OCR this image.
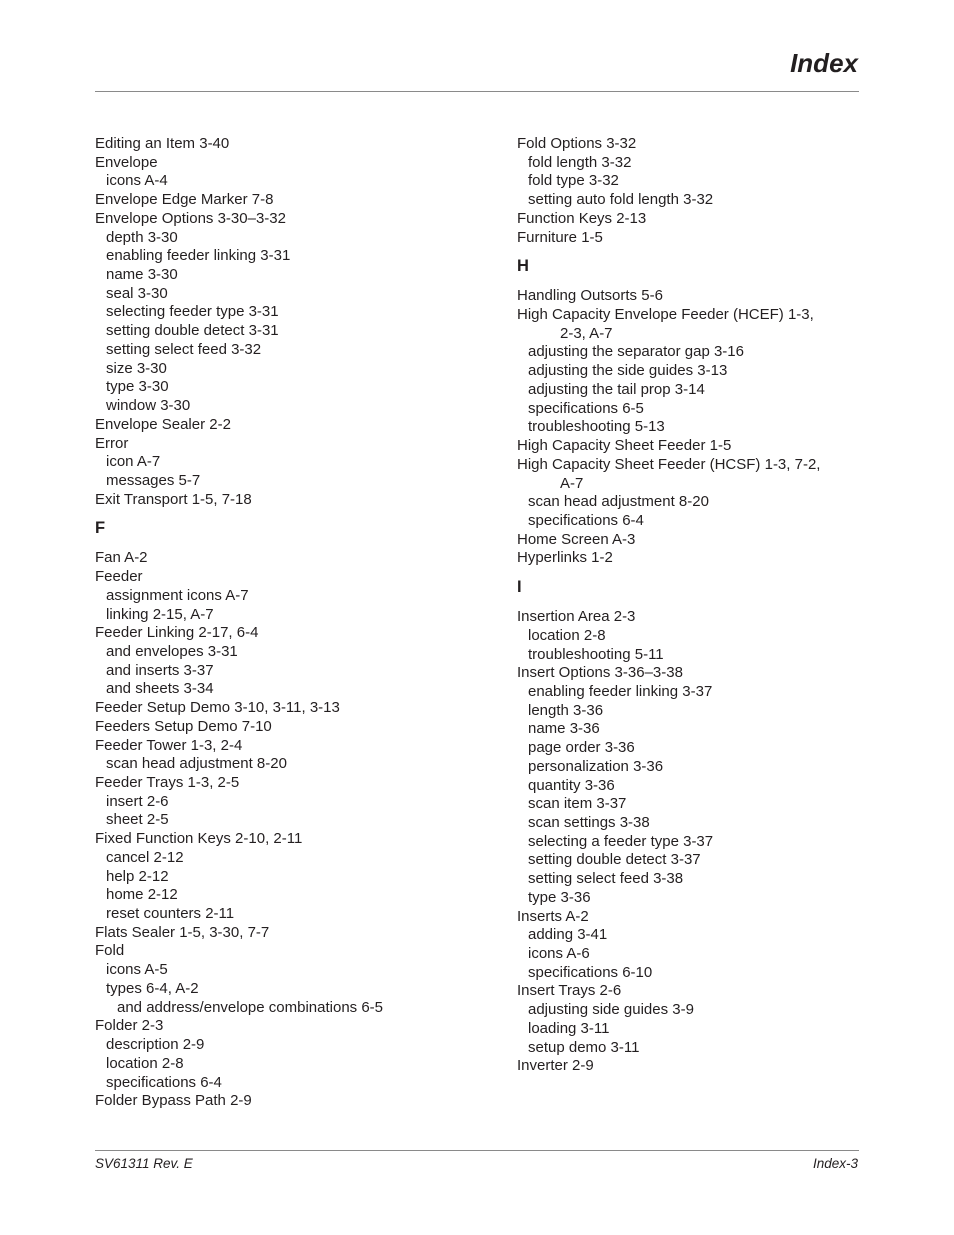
Index
Editing an Item 3-40
Envelope
icons A-4
Envelope Edge Marker 7-8
Envelope Options 3-30–3-32
depth 3-30
enabling feeder linking 3-31
name 3-30
seal 3-30
selecting feeder type 3-31
setting double detect 3-31
setting select feed 3-32
size 3-30
type 3-30
window 3-30
Envelope Sealer 2-2
Error
icon A-7
messages 5-7
Exit Transport 1-5, 7-18
F
Fan A-2
Feeder
assignment icons A-7
linking 2-15, A-7
Feeder Linking 2-17, 6-4
and envelopes 3-31
and inserts 3-37
and sheets 3-34
Feeder Setup Demo 3-10, 3-11, 3-13
Feeders Setup Demo 7-10
Feeder Tower 1-3, 2-4
scan head adjustment 8-20
Feeder Trays 1-3, 2-5
insert 2-6
sheet 2-5
Fixed Function Keys 2-10, 2-11
cancel 2-12
help 2-12
home 2-12
reset counters 2-11
Flats Sealer 1-5, 3-30, 7-7
Fold
icons A-5
types 6-4, A-2
and address/envelope combinations 6-5
Folder 2-3
description 2-9
location 2-8
specifications 6-4
Folder Bypass Path 2-9
Fold Options 3-32
fold length 3-32
fold type 3-32
setting auto fold length 3-32
Function Keys 2-13
Furniture 1-5
H
Handling Outsorts 5-6
High Capacity Envelope Feeder (HCEF) 1-3,
2-3, A-7
adjusting the separator gap 3-16
adjusting the side guides 3-13
adjusting the tail prop 3-14
specifications 6-5
troubleshooting 5-13
High Capacity Sheet Feeder 1-5
High Capacity Sheet Feeder (HCSF) 1-3, 7-2,
A-7
scan head adjustment 8-20
specifications 6-4
Home Screen A-3
Hyperlinks 1-2
I
Insertion Area 2-3
location 2-8
troubleshooting 5-11
Insert Options 3-36–3-38
enabling feeder linking 3-37
length 3-36
name 3-36
page order 3-36
personalization 3-36
quantity 3-36
scan item 3-37
scan settings 3-38
selecting a feeder type 3-37
setting double detect 3-37
setting select feed 3-38
type 3-36
Inserts A-2
adding 3-41
icons A-6
specifications 6-10
Insert Trays 2-6
adjusting side guides 3-9
loading 3-11
setup demo 3-11
Inverter 2-9
SV61311 Rev. E	Index-3
